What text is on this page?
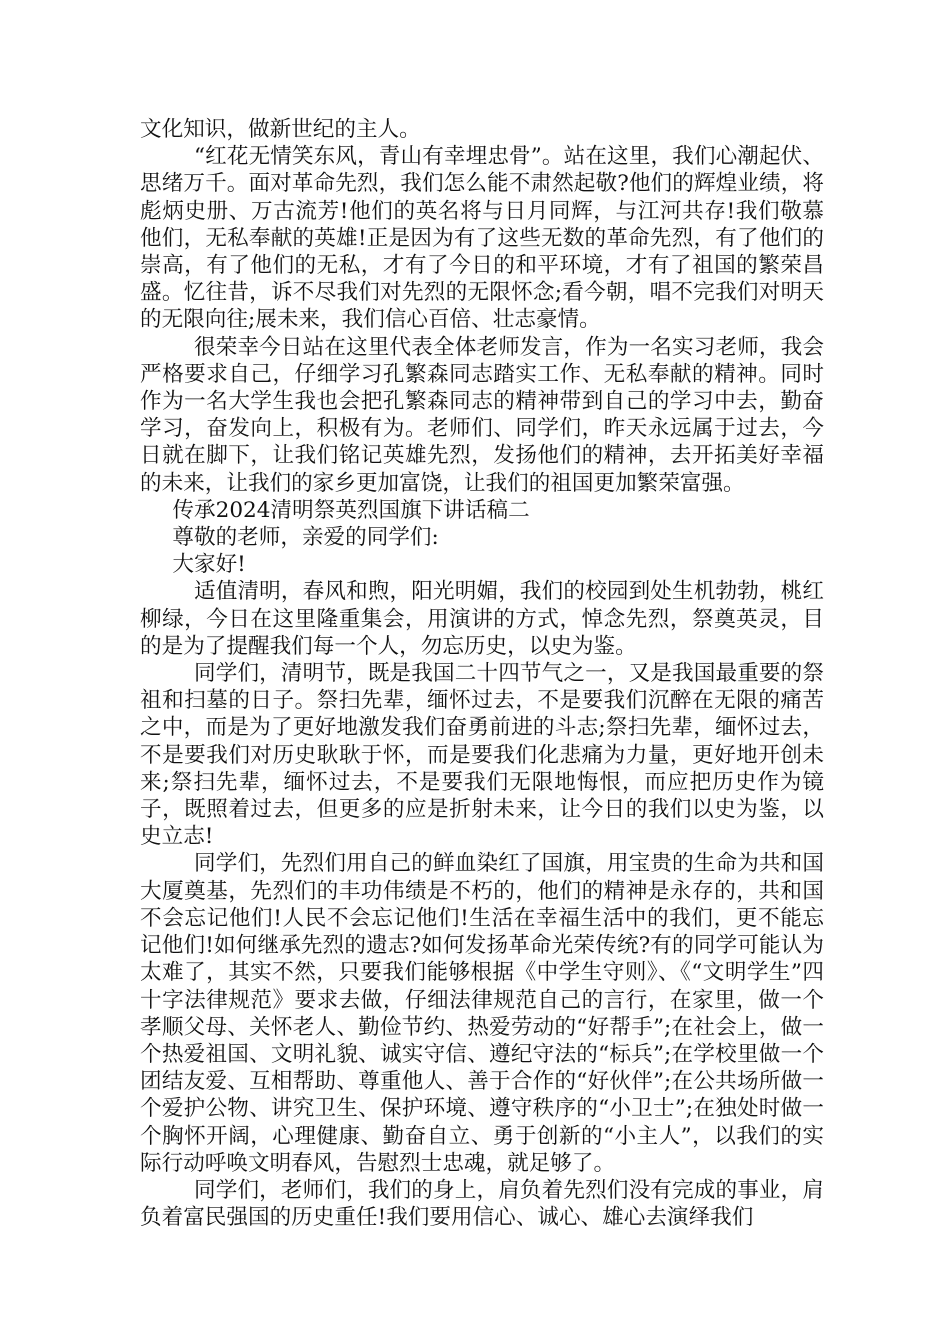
文化知识，做新世纪的主人。

“红花无情笑东风，青山有幸埋忠骨”。站在这里，我们心潮起伏、思绪万千。面对革命先烈，我们怎么能不肃然起敬?他们的辉煌业绩，将彪炳史册、万古流芳!他们的英名将与日月同辉，与江河共存!我们敬慕他们，无私奉献的英雄!正是因为有了这些无数的革命先烈，有了他们的崇高，有了他们的无私，才有了今日的和平环境，才有了祖国的繁荣昌盛。忆往昔，诉不尽我们对先烈的无限怀念;看今朝，唱不完我们对明天的无限向往;展未来，我们信心百倍、壮志豪情。

很荣幸今日站在这里代表全体老师发言，作为一名实习老师，我会严格要求自己，仔细学习孔繁森同志踏实工作、无私奉献的精神。同时作为一名大学生我也会把孔繁森同志的精神带到自己的学习中去，勤奋学习，奋发向上，积极有为。老师们、同学们，昨天永远属于过去，今日就在脚下，让我们铭记英雄先烈，发扬他们的精神，去开拓美好幸福的未来，让我们的家乡更加富饶，让我们的祖国更加繁荣富强。

传承2024清明祭英烈国旗下讲话稿二

尊敬的老师，亲爱的同学们:

大家好!

适值清明，春风和煦，阳光明媚，我们的校园到处生机勃勃，桃红柳绿，今日在这里隆重集会，用演讲的方式，悼念先烈，祭奠英灵，目的是为了提醒我们每一个人，勿忘历史，以史为鉴。

同学们，清明节，既是我国二十四节气之一，又是我国最重要的祭祖和扫墓的日子。祭扫先辈，缅怀过去，不是要我们沉醉在无限的痛苦之中，而是为了更好地激发我们奋勇前进的斗志;祭扫先辈，缅怀过去，不是要我们对历史耿耿于怀，而是要我们化悲痛为力量，更好地开创未来;祭扫先辈，缅怀过去，不是要我们无限地悔恨，而应把历史作为镜子，既照着过去，但更多的应是折射未来，让今日的我们以史为鉴，以史立志!

同学们，先烈们用自己的鲜血染红了国旗，用宝贵的生命为共和国大厦奠基，先烈们的丰功伟绩是不朽的，他们的精神是永存的，共和国不会忘记他们!人民不会忘记他们!生活在幸福生活中的我们，更不能忘记他们!如何继承先烈的遗志?如何发扬革命光荣传统?有的同学可能认为太难了，其实不然，只要我们能够根据《中学生守则》、《“文明学生”四十字法律规范》要求去做，仔细法律规范自己的言行，在家里，做一个孝顺父母、关怀老人、勤俭节约、热爱劳动的“好帮手”;在社会上，做一个热爱祖国、文明礼貌、诚实守信、遵纪守法的“标兵”;在学校里做一个团结友爱、互相帮助、尊重他人、善于合作的“好伙伴”;在公共场所做一个爱护公物、讲究卫生、保护环境、遵守秩序的“小卫士”;在独处时做一个胸怀开阔，心理健康、勤奋自立、勇于创新的“小主人”，以我们的实际行动呼唤文明春风，告慰烈士忠魂，就足够了。

同学们，老师们，我们的身上，肩负着先烈们没有完成的事业，肩负着富民强国的历史重任!我们要用信心、诚心、雄心去演绎我们
